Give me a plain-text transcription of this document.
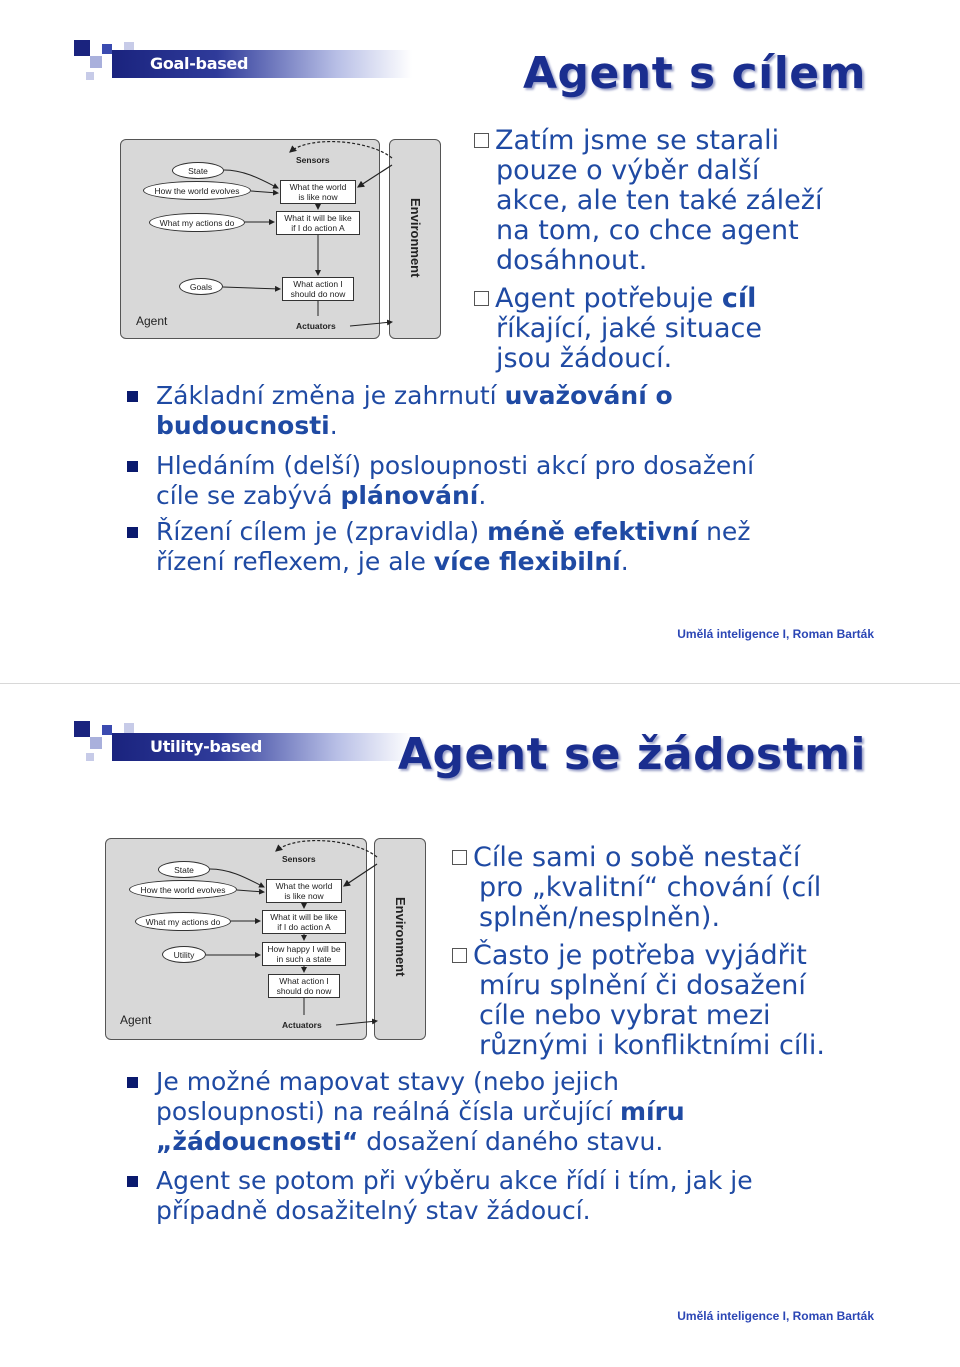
Goal-based	Agent s cílem
Environment
Agent
Sensors
Actuators
State
How the world evolves
What my actions do
Goals
What the world
is like now
What it will be like
if I do action A
What action I
should do now
Zatím jsme se starali
pouze o výběr další
akce, ale ten také záleží
na tom, co chce agent
dosáhnout.
Agent potřebuje cíl
říkající, jaké situace
jsou žádoucí.
Základní změna je zahrnutí uvažování o
budoucnosti.
Hledáním (delší) posloupnosti akcí pro dosažení
cíle se zabývá plánování.
Řízení cílem je (zpravidla) méně efektivní než
řízení reflexem, je ale více flexibilní.
Umělá inteligence I, Roman Barták
Utility-based	Agent se žádostmi
Environment
Agent
Sensors
Actuators
State
How the world evolves
What my actions do
Utility
What the world
is like now
What it will be like
if I do action A
How happy I will be
in such a state
What action I
should do now
Cíle sami o sobě nestačí
pro „kvalitní“ chování (cíl
splněn/nesplněn).
Často je potřeba vyjádřit
míru splnění či dosažení
cíle nebo vybrat mezi
různými i konfliktními cíli.
Je možné mapovat stavy (nebo jejich
posloupnosti) na reálná čísla určující míru
„žádoucnosti“ dosažení daného stavu.
Agent se potom při výběru akce řídí i tím, jak je
případně dosažitelný stav žádoucí.
Umělá inteligence I, Roman Barták
